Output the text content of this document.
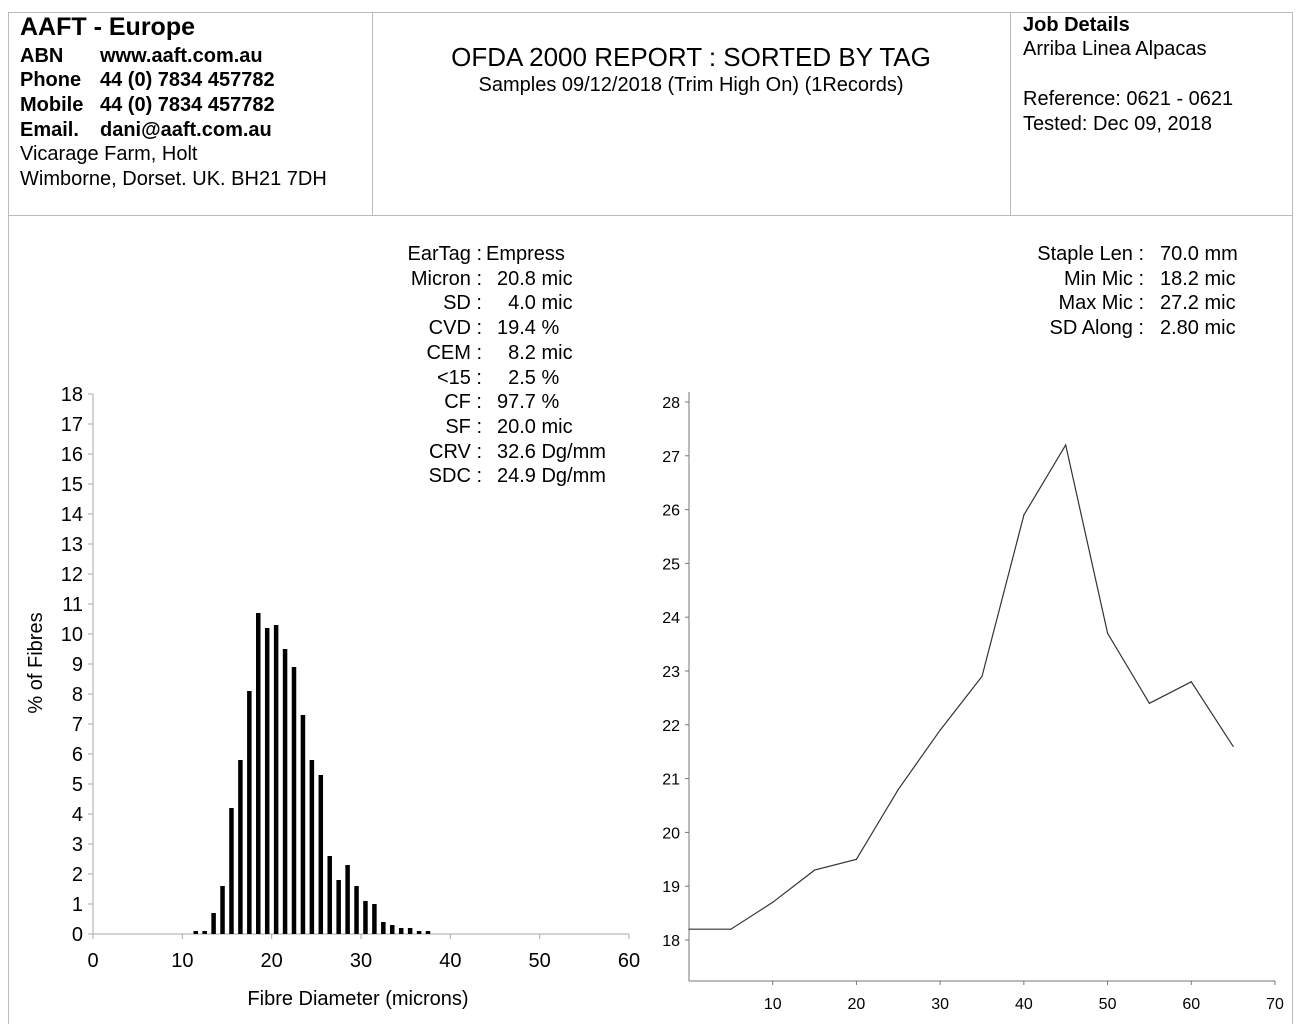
AAFT - Europe
ABN www.aaft.com.au
Phone 44 (0) 7834 457782
Mobile 44 (0) 7834 457782
Email. dani@aaft.com.au
Vicarage Farm, Holt
Wimborne, Dorset. UK. BH21 7DH
OFDA 2000 REPORT : SORTED BY TAG
Samples 09/12/2018 (Trim High On) (1Records)
Job Details
Arriba Linea Alpacas
Reference: 0621 - 0621
Tested: Dec 09, 2018
EarTag : Empress
Micron : 20.8 mic
SD : 4.0 mic
CVD : 19.4 %
CEM : 8.2 mic
<15 : 2.5 %
CF : 97.7 %
SF : 20.0 mic
CRV : 32.6 Dg/mm
SDC : 24.9 Dg/mm
Staple Len : 70.0 mm
Min Mic : 18.2 mic
Max Mic : 27.2 mic
SD Along : 2.80 mic
0
1
2
3
4
5
6
7
8
9
10
11
12
13
14
15
16
17
18
0	10	20	30	40	50	60
Fibre Diameter (microns)
% of Fibres
18
19
20
21
22
23
24
25
26
27
28
10	20	30	40	50	60	70
